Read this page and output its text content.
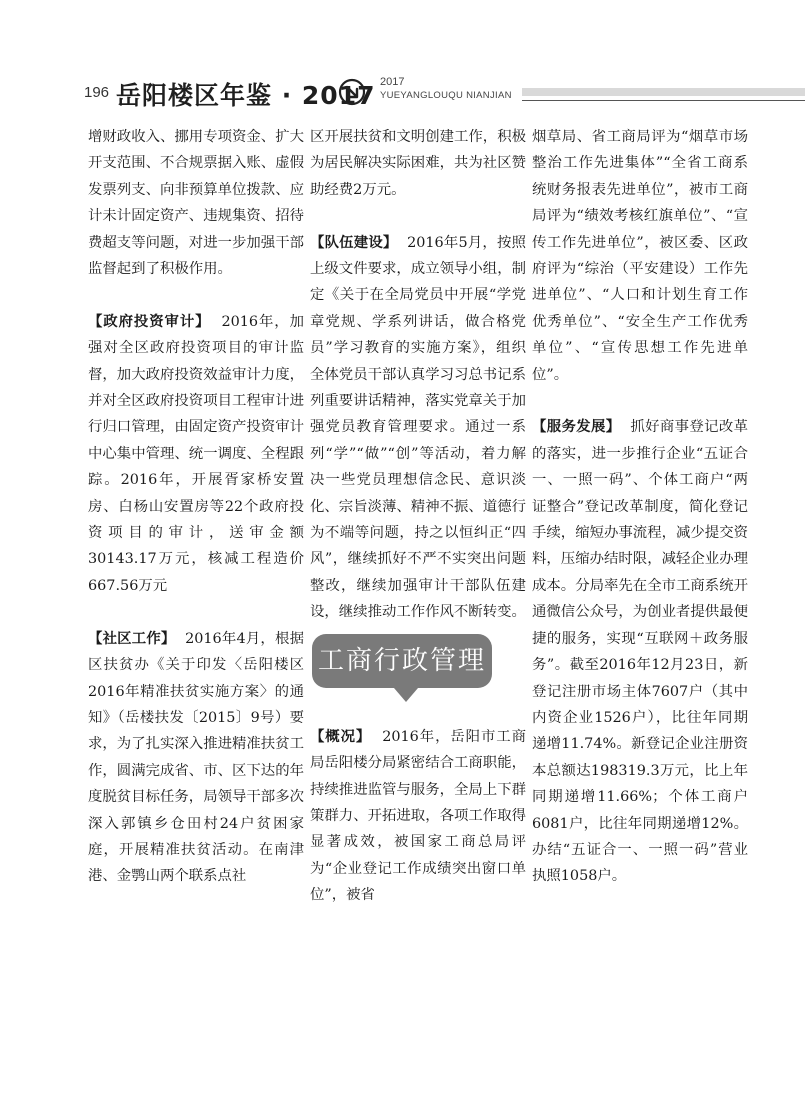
196 岳阳楼区年鉴 · 2017 2017
YUEYANGLOUQU NIANJIAN

增财政收入、挪用专项资金、扩大开支范围、不合规票据入账、虚假发票列支、向非预算单位拨款、应计未计固定资产、违规集资、招待费超支等问题，对进一步加强干部监督起到了积极作用。

【政府投资审计】 2016年，加强对全区政府投资项目的审计监督，加大政府投资效益审计力度，并对全区政府投资项目工程审计进行归口管理，由固定资产投资审计中心集中管理、统一调度、全程跟踪。2016年，开展胥家桥安置房、白杨山安置房等22个政府投资项目的审计，送审金额30143.17万元，核减工程造价667.56万元

【社区工作】 2016年4月，根据区扶贫办《关于印发〈岳阳楼区2016年精准扶贫实施方案〉的通知》（岳楼扶发〔2015〕9号）要求，为了扎实深入推进精准扶贫工作，圆满完成省、市、区下达的年度脱贫目标任务，局领导干部多次深入郭镇乡仓田村24户贫困家庭，开展精准扶贫活动。在南津港、金鹗山两个联系点社

区开展扶贫和文明创建工作，积极为居民解决实际困难，共为社区赞助经费2万元。

【队伍建设】 2016年5月，按照上级文件要求，成立领导小组，制定《关于在全局党员中开展“学党章党规、学系列讲话，做合格党员”学习教育的实施方案》，组织全体党员干部认真学习习总书记系列重要讲话精神，落实党章关于加强党员教育管理要求。通过一系列“学”“做”“创”等活动，着力解决一些党员理想信念民、意识淡化、宗旨淡薄、精神不振、道德行为不端等问题，持之以恒纠正“四风”，继续抓好不严不实突出问题整改，继续加强审计干部队伍建设，继续推动工作作风不断转变。

工商行政管理

【概况】 2016年，岳阳市工商局岳阳楼分局紧密结合工商职能，持续推进监管与服务，全局上下群策群力、开拓进取，各项工作取得显著成效，被国家工商总局评为“企业登记工作成绩突出窗口单位”，被省

烟草局、省工商局评为“烟草市场整治工作先进集体”“全省工商系统财务报表先进单位”，被市工商局评为“绩效考核红旗单位”、“宣传工作先进单位”，被区委、区政府评为“综治（平安建设）工作先进单位”、“人口和计划生育工作优秀单位”、“安全生产工作优秀单位”、“宣传思想工作先进单位”。

【服务发展】 抓好商事登记改革的落实，进一步推行企业“五证合一、一照一码”、个体工商户“两证整合”登记改革制度，简化登记手续，缩短办事流程，减少提交资料，压缩办结时限，减轻企业办理成本。分局率先在全市工商系统开通微信公众号，为创业者提供最便捷的服务，实现“互联网＋政务服务”。截至2016年12月23日，新登记注册市场主体7607户（其中内资企业1526户），比往年同期递增11.74%。新登记企业注册资本总额达198319.3万元，比上年同期递增11.66%；个体工商户6081户，比往年同期递增12%。办结“五证合一、一照一码”营业执照1058户。
